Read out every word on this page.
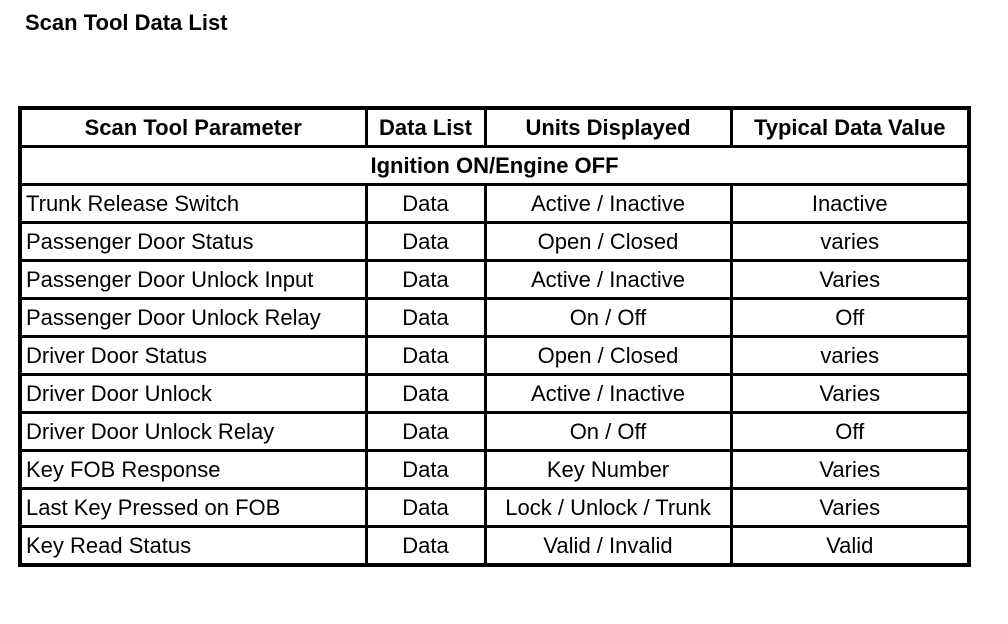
Scan Tool Data List
Scan Tool Parameter	Data List	Units Displayed	Typical Data Value
Ignition ON/Engine OFF			
Trunk Release Switch	Data	Active / Inactive	Inactive
Passenger Door Status	Data	Open / Closed	varies
Passenger Door Unlock Input	Data	Active / Inactive	Varies
Passenger Door Unlock Relay	Data	On / Off	Off
Driver Door Status	Data	Open / Closed	varies
Driver Door Unlock	Data	Active / Inactive	Varies
Driver Door Unlock Relay	Data	On / Off	Off
Key FOB Response	Data	Key Number	Varies
Last Key Pressed on FOB	Data	Lock / Unlock / Trunk	Varies
Key Read Status	Data	Valid / Invalid	Valid
